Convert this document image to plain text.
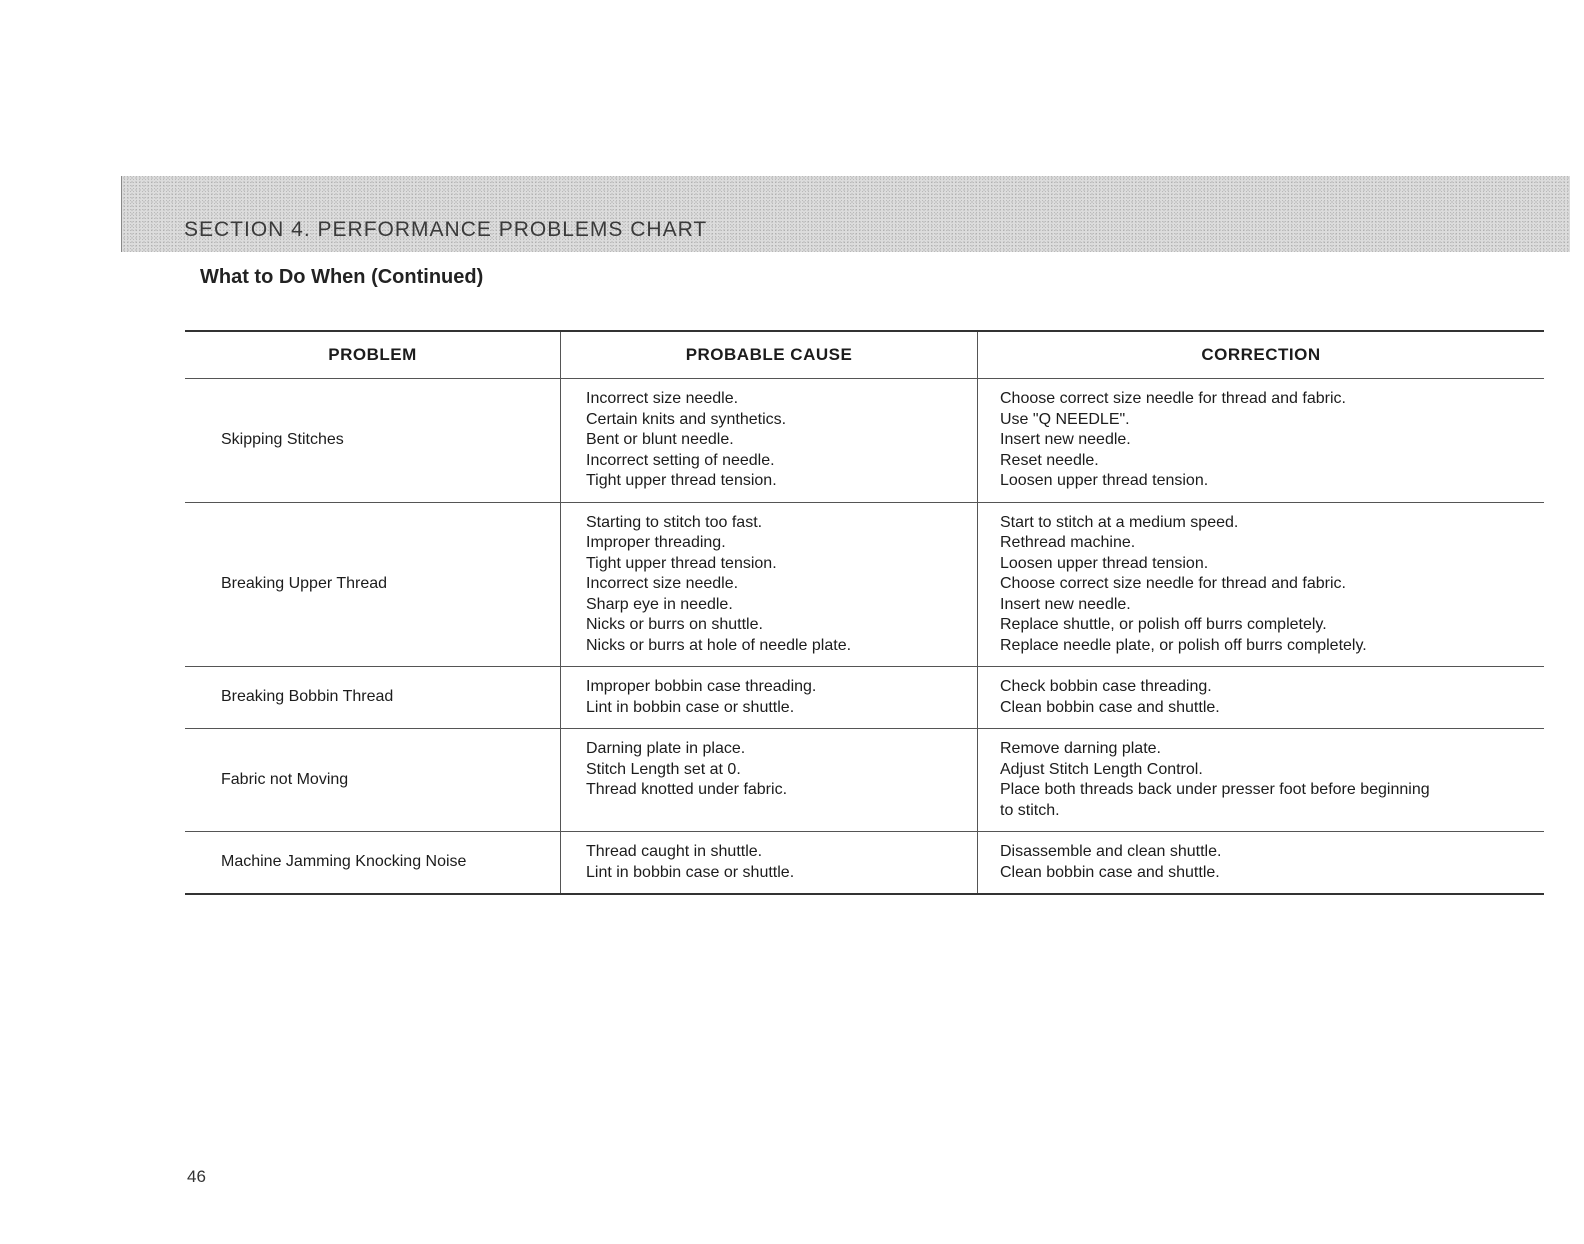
SECTION 4. PERFORMANCE PROBLEMS CHART
What to Do When (Continued)
PROBLEM	PROBABLE CAUSE	CORRECTION
Skipping Stitches
Incorrect size needle.
Certain knits and synthetics.
Bent or blunt needle.
Incorrect setting of needle.
Tight upper thread tension.
Choose correct size needle for thread and fabric.
Use "Q NEEDLE".
Insert new needle.
Reset needle.
Loosen upper thread tension.
Breaking Upper Thread
Starting to stitch too fast.
Improper threading.
Tight upper thread tension.
Incorrect size needle.
Sharp eye in needle.
Nicks or burrs on shuttle.
Nicks or burrs at hole of needle plate.
Start to stitch at a medium speed.
Rethread machine.
Loosen upper thread tension.
Choose correct size needle for thread and fabric.
Insert new needle.
Replace shuttle, or polish off burrs completely.
Replace needle plate, or polish off burrs completely.
Breaking Bobbin Thread
Improper bobbin case threading.
Lint in bobbin case or shuttle.
Check bobbin case threading.
Clean bobbin case and shuttle.
Fabric not Moving
Darning plate in place.
Stitch Length set at 0.
Thread knotted under fabric.
Remove darning plate.
Adjust Stitch Length Control.
Place both threads back under presser foot before beginning
to stitch.
Machine Jamming Knocking Noise
Thread caught in shuttle.
Lint in bobbin case or shuttle.
Disassemble and clean shuttle.
Clean bobbin case and shuttle.
46
